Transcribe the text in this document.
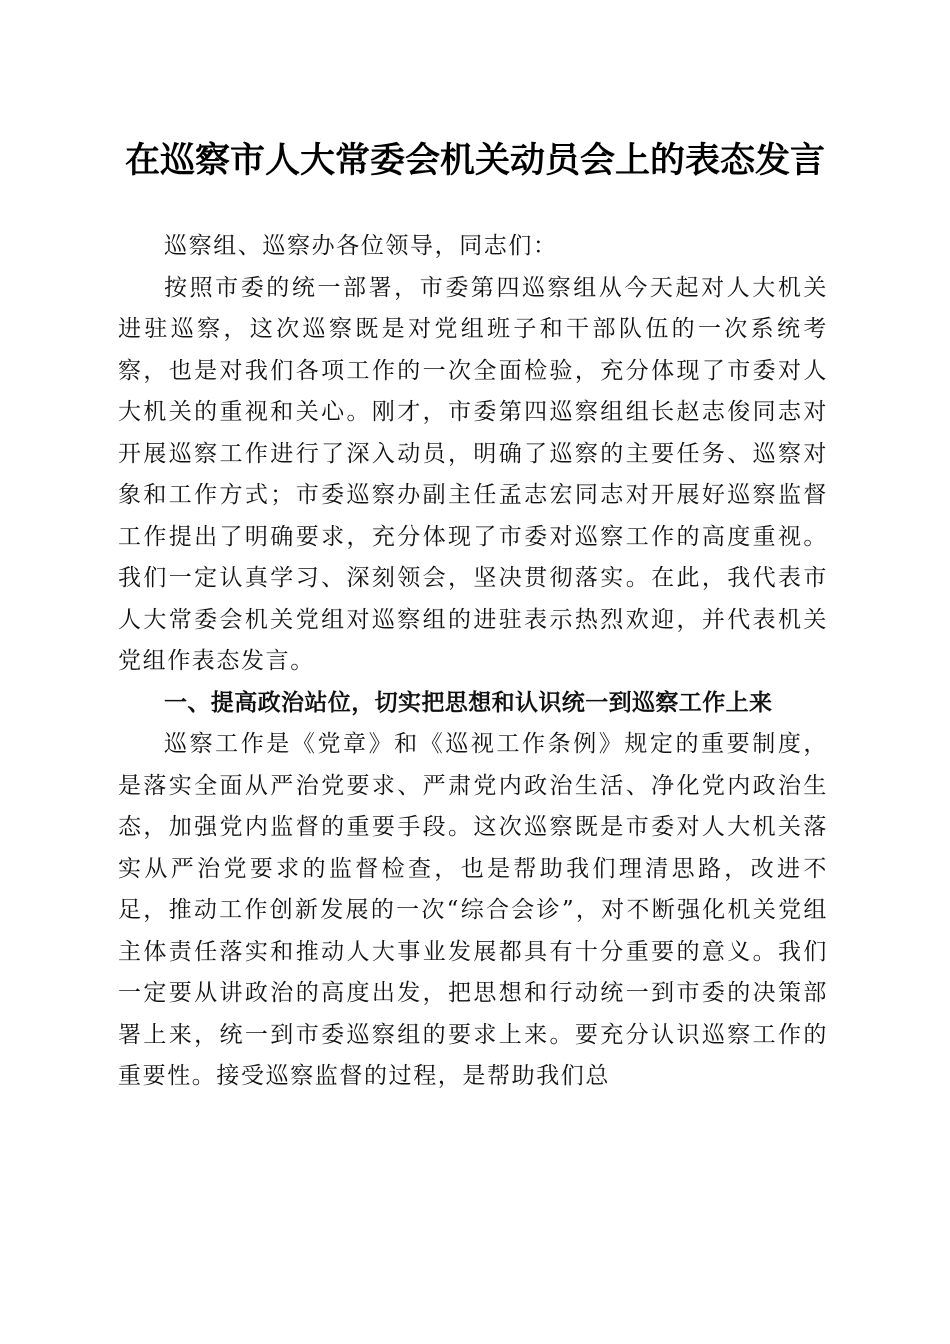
在巡察市人大常委会机关动员会上的表态发言

巡察组、巡察办各位领导，同志们：

按照市委的统一部署，市委第四巡察组从今天起对人大机关进驻巡察，这次巡察既是对党组班子和干部队伍的一次系统考察，也是对我们各项工作的一次全面检验，充分体现了市委对人大机关的重视和关心。刚才，市委第四巡察组组长赵志俊同志对开展巡察工作进行了深入动员，明确了巡察的主要任务、巡察对象和工作方式；市委巡察办副主任孟志宏同志对开展好巡察监督工作提出了明确要求，充分体现了市委对巡察工作的高度重视。我们一定认真学习、深刻领会，坚决贯彻落实。在此，我代表市人大常委会机关党组对巡察组的进驻表示热烈欢迎，并代表机关党组作表态发言。

一、提高政治站位，切实把思想和认识统一到巡察工作上来

巡察工作是《党章》和《巡视工作条例》规定的重要制度，是落实全面从严治党要求、严肃党内政治生活、净化党内政治生态，加强党内监督的重要手段。这次巡察既是市委对人大机关落实从严治党要求的监督检查，也是帮助我们理清思路，改进不足，推动工作创新发展的一次“综合会诊”，对不断强化机关党组主体责任落实和推动人大事业发展都具有十分重要的意义。我们一定要从讲政治的高度出发，把思想和行动统一到市委的决策部署上来，统一到市委巡察组的要求上来。要充分认识巡察工作的重要性。接受巡察监督的过程，是帮助我们总
